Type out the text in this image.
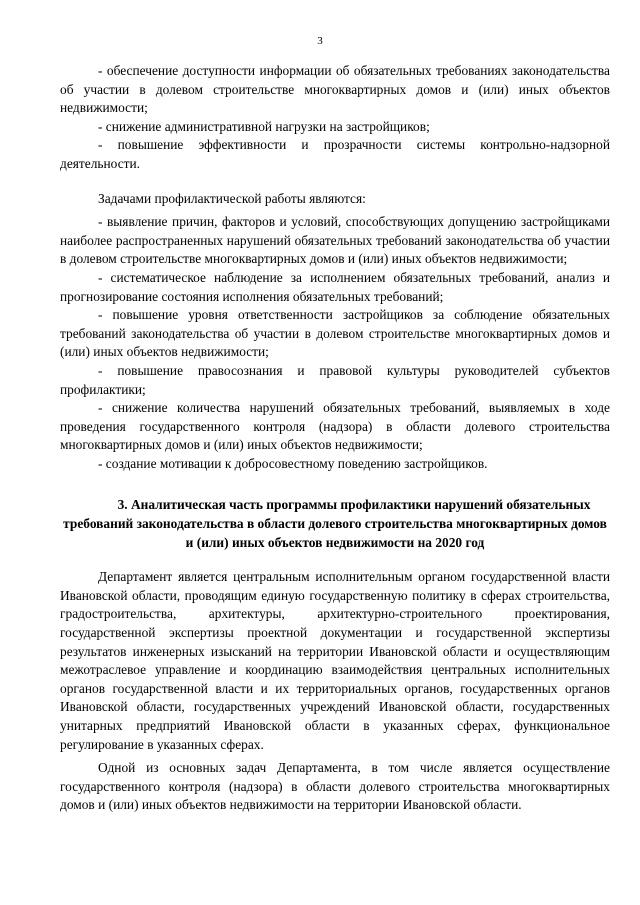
3

- обеспечение доступности информации об обязательных требованиях законодательства об участии в долевом строительстве многоквартирных домов и (или) иных объектов недвижимости;

- снижение административной нагрузки на застройщиков;

- повышение эффективности и прозрачности системы контрольно-надзорной деятельности.

Задачами профилактической работы являются:

- выявление причин, факторов и условий, способствующих допущению застройщиками наиболее распространенных нарушений обязательных требований законодательства об участии в долевом строительстве многоквартирных домов и (или) иных объектов недвижимости;

- систематическое наблюдение за исполнением обязательных требований, анализ и прогнозирование состояния исполнения обязательных требований;

- повышение уровня ответственности застройщиков за соблюдение обязательных требований законодательства об участии в долевом строительстве многоквартирных домов и (или) иных объектов недвижимости;

- повышение правосознания и правовой культуры руководителей субъектов профилактики;

- снижение количества нарушений обязательных требований, выявляемых в ходе проведения государственного контроля (надзора) в области долевого строительства многоквартирных домов и (или) иных объектов недвижимости;

- создание мотивации к добросовестному поведению застройщиков.

3. Аналитическая часть программы профилактики нарушений обязательных требований законодательства в области долевого строительства многоквартирных домов и (или) иных объектов недвижимости на 2020 год

Департамент является центральным исполнительным органом государственной власти Ивановской области, проводящим единую государственную политику в сферах строительства, градостроительства, архитектуры, архитектурно-строительного проектирования, государственной экспертизы проектной документации и государственной экспертизы результатов инженерных изысканий на территории Ивановской области и осуществляющим межотраслевое управление и координацию взаимодействия центральных исполнительных органов государственной власти и их территориальных органов, государственных органов Ивановской области, государственных учреждений Ивановской области, государственных унитарных предприятий Ивановской области в указанных сферах, функциональное регулирование в указанных сферах.

Одной из основных задач Департамента, в том числе является осуществление государственного контроля (надзора) в области долевого строительства многоквартирных домов и (или) иных объектов недвижимости на территории Ивановской области.
